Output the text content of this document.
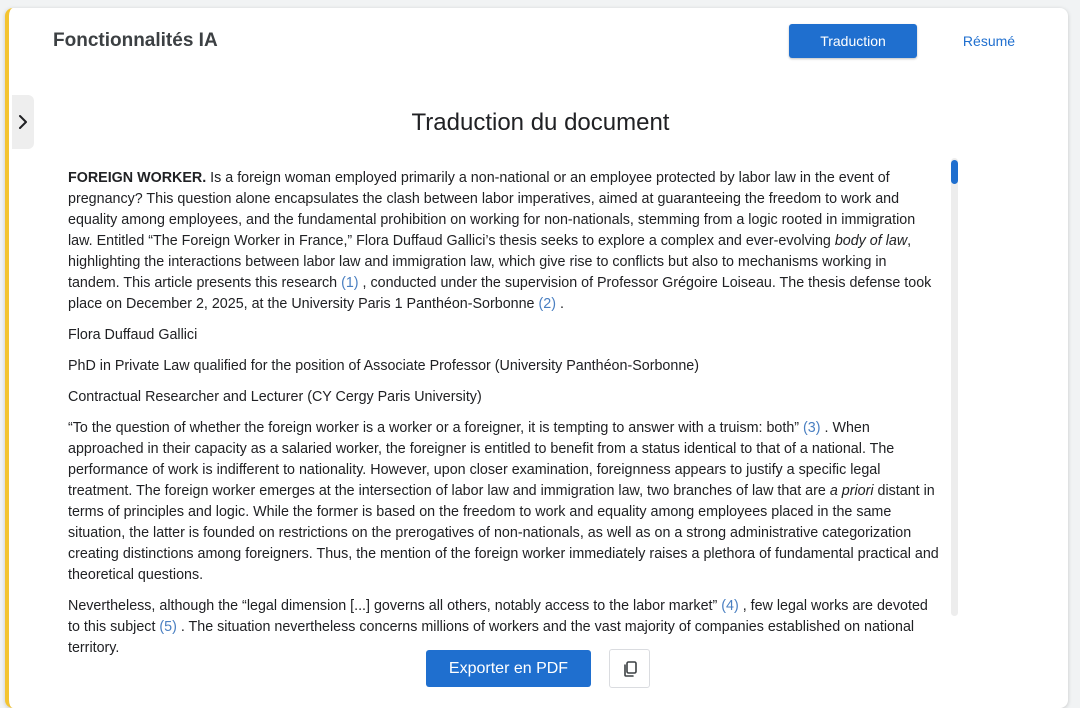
Fonctionnalités IA	Traduction	Résumé
Traduction du document

FOREIGN WORKER. Is a foreign woman employed primarily a non-national or an employee protected by labor law in the event of pregnancy? This question alone encapsulates the clash between labor imperatives, aimed at guaranteeing the freedom to work and equality among employees, and the fundamental prohibition on working for non-nationals, stemming from a logic rooted in immigration law. Entitled “The Foreign Worker in France,” Flora Duffaud Gallici’s thesis seeks to explore a complex and ever-evolving body of law, highlighting the interactions between labor law and immigration law, which give rise to conflicts but also to mechanisms working in tandem. This article presents this research (1) , conducted under the supervision of Professor Grégoire Loiseau. The thesis defense took place on December 2, 2025, at the University Paris 1 Panthéon-Sorbonne (2) .

Flora Duffaud Gallici

PhD in Private Law qualified for the position of Associate Professor (University Panthéon-Sorbonne)

Contractual Researcher and Lecturer (CY Cergy Paris University)

“To the question of whether the foreign worker is a worker or a foreigner, it is tempting to answer with a truism: both” (3) . When approached in their capacity as a salaried worker, the foreigner is entitled to benefit from a status identical to that of a national. The performance of work is indifferent to nationality. However, upon closer examination, foreignness appears to justify a specific legal treatment. The foreign worker emerges at the intersection of labor law and immigration law, two branches of law that are a priori distant in terms of principles and logic. While the former is based on the freedom to work and equality among employees placed in the same situation, the latter is founded on restrictions on the prerogatives of non-nationals, as well as on a strong administrative categorization creating distinctions among foreigners. Thus, the mention of the foreign worker immediately raises a plethora of fundamental practical and theoretical questions.

Nevertheless, although the “legal dimension [...] governs all others, notably access to the labor market” (4) , few legal works are devoted to this subject (5) . The situation nevertheless concerns millions of workers and the vast majority of companies established on national territory.

Exporter en PDF
